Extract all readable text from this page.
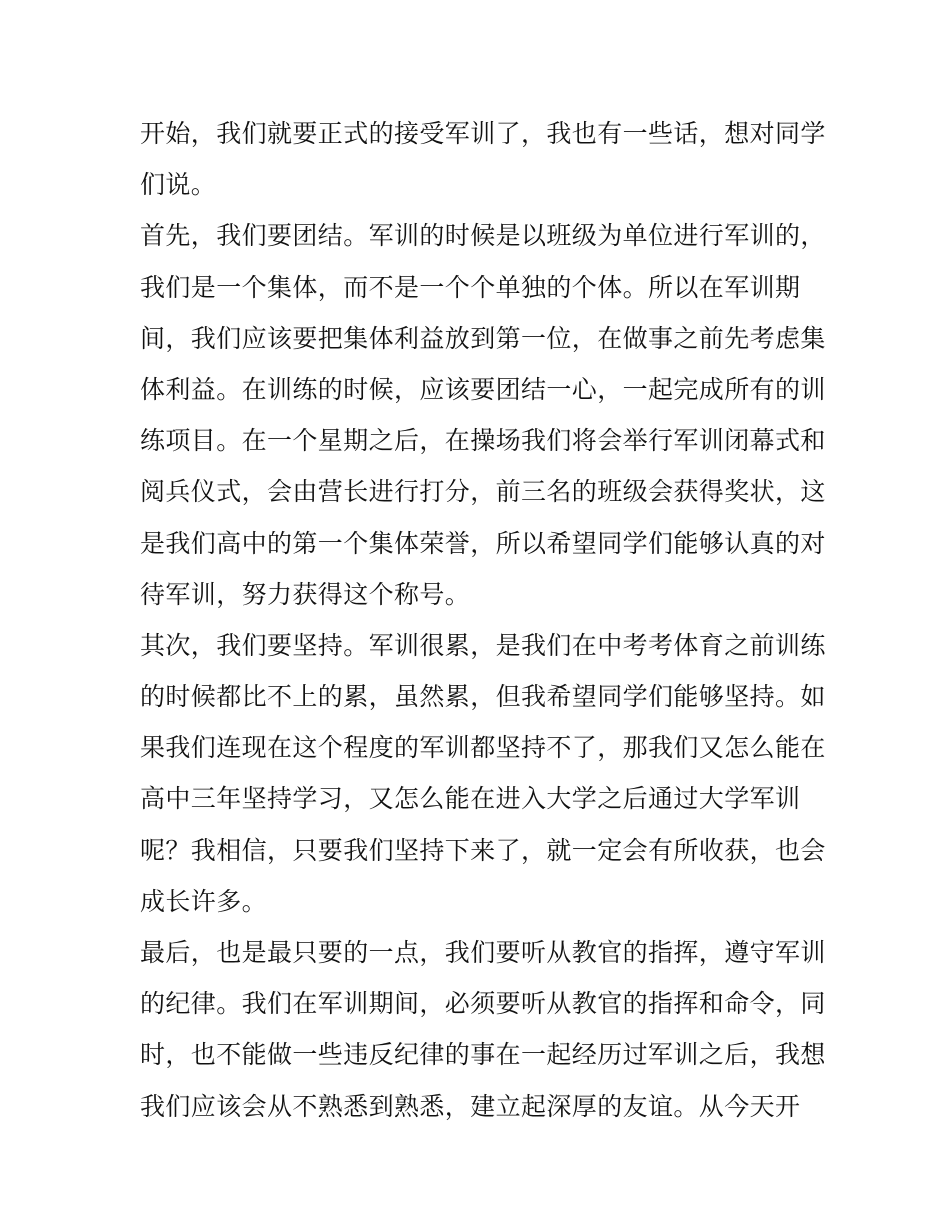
开始，我们就要正式的接受军训了，我也有一些话，想对同学
们说。
首先，我们要团结。军训的时候是以班级为单位进行军训的，
我们是一个集体，而不是一个个单独的个体。所以在军训期
间，我们应该要把集体利益放到第一位，在做事之前先考虑集
体利益。在训练的时候，应该要团结一心，一起完成所有的训
练项目。在一个星期之后，在操场我们将会举行军训闭幕式和
阅兵仪式，会由营长进行打分，前三名的班级会获得奖状，这
是我们高中的第一个集体荣誉，所以希望同学们能够认真的对
待军训，努力获得这个称号。
其次，我们要坚持。军训很累，是我们在中考考体育之前训练
的时候都比不上的累，虽然累，但我希望同学们能够坚持。如
果我们连现在这个程度的军训都坚持不了，那我们又怎么能在
高中三年坚持学习，又怎么能在进入大学之后通过大学军训
呢？我相信，只要我们坚持下来了，就一定会有所收获，也会
成长许多。
最后，也是最只要的一点，我们要听从教官的指挥，遵守军训
的纪律。我们在军训期间，必须要听从教官的指挥和命令，同
时，也不能做一些违反纪律的事在一起经历过军训之后，我想
我们应该会从不熟悉到熟悉，建立起深厚的友谊。从今天开
